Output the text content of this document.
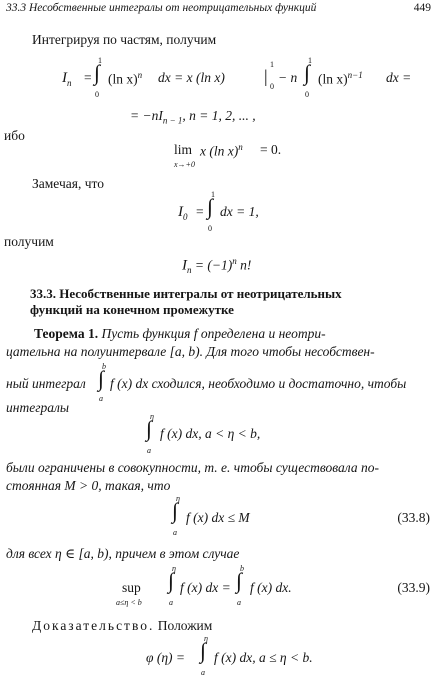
33.3 Несобственные интегралы от неотрицательных функций	449
Интегрируя по частям, получим
$I_n$ =
1
∫
0
(ln x)$^n$ dx = x (ln x) |
1
0
− n
1
∫
0
(ln x)$^{n-1}$ dx =
= $-nI_{n - 1}$, n = 1, 2, ... ,
ибо
lim
x→+0
x (ln x)$^n$ = 0.
Замечая, что
$I_0$ =
1
∫
0
dx = 1,
получим
$I_n = (-1)^n$ n!
33.3. Несобственные интегралы от неотрицательных
функций на конечном промежутке
Теорема 1. Пусть функция f определена и неотри-
цательна на полуинтервале [a, b). Для того чтобы несобствен-
ный интеграл
b
∫
a
f (x) dx сходился, необходимо и достаточно, чтобы
интегралы
η
∫
a
f (x) dx, a < η < b,
были ограничены в совокупности, т. е. чтобы существовала по-
стоянная M > 0, такая, что
η
∫
a
f (x) dx ≤ M	(33.8)
для всех η ∈ [a, b), причем в этом случае
sup
a≤η < b
η
∫
a
f (x) dx =
b
∫
a
f (x) dx.	(33.9)
Доказательство. Положим
φ (η) =
η
∫
a
f (x) dx, a ≤ η < b.
